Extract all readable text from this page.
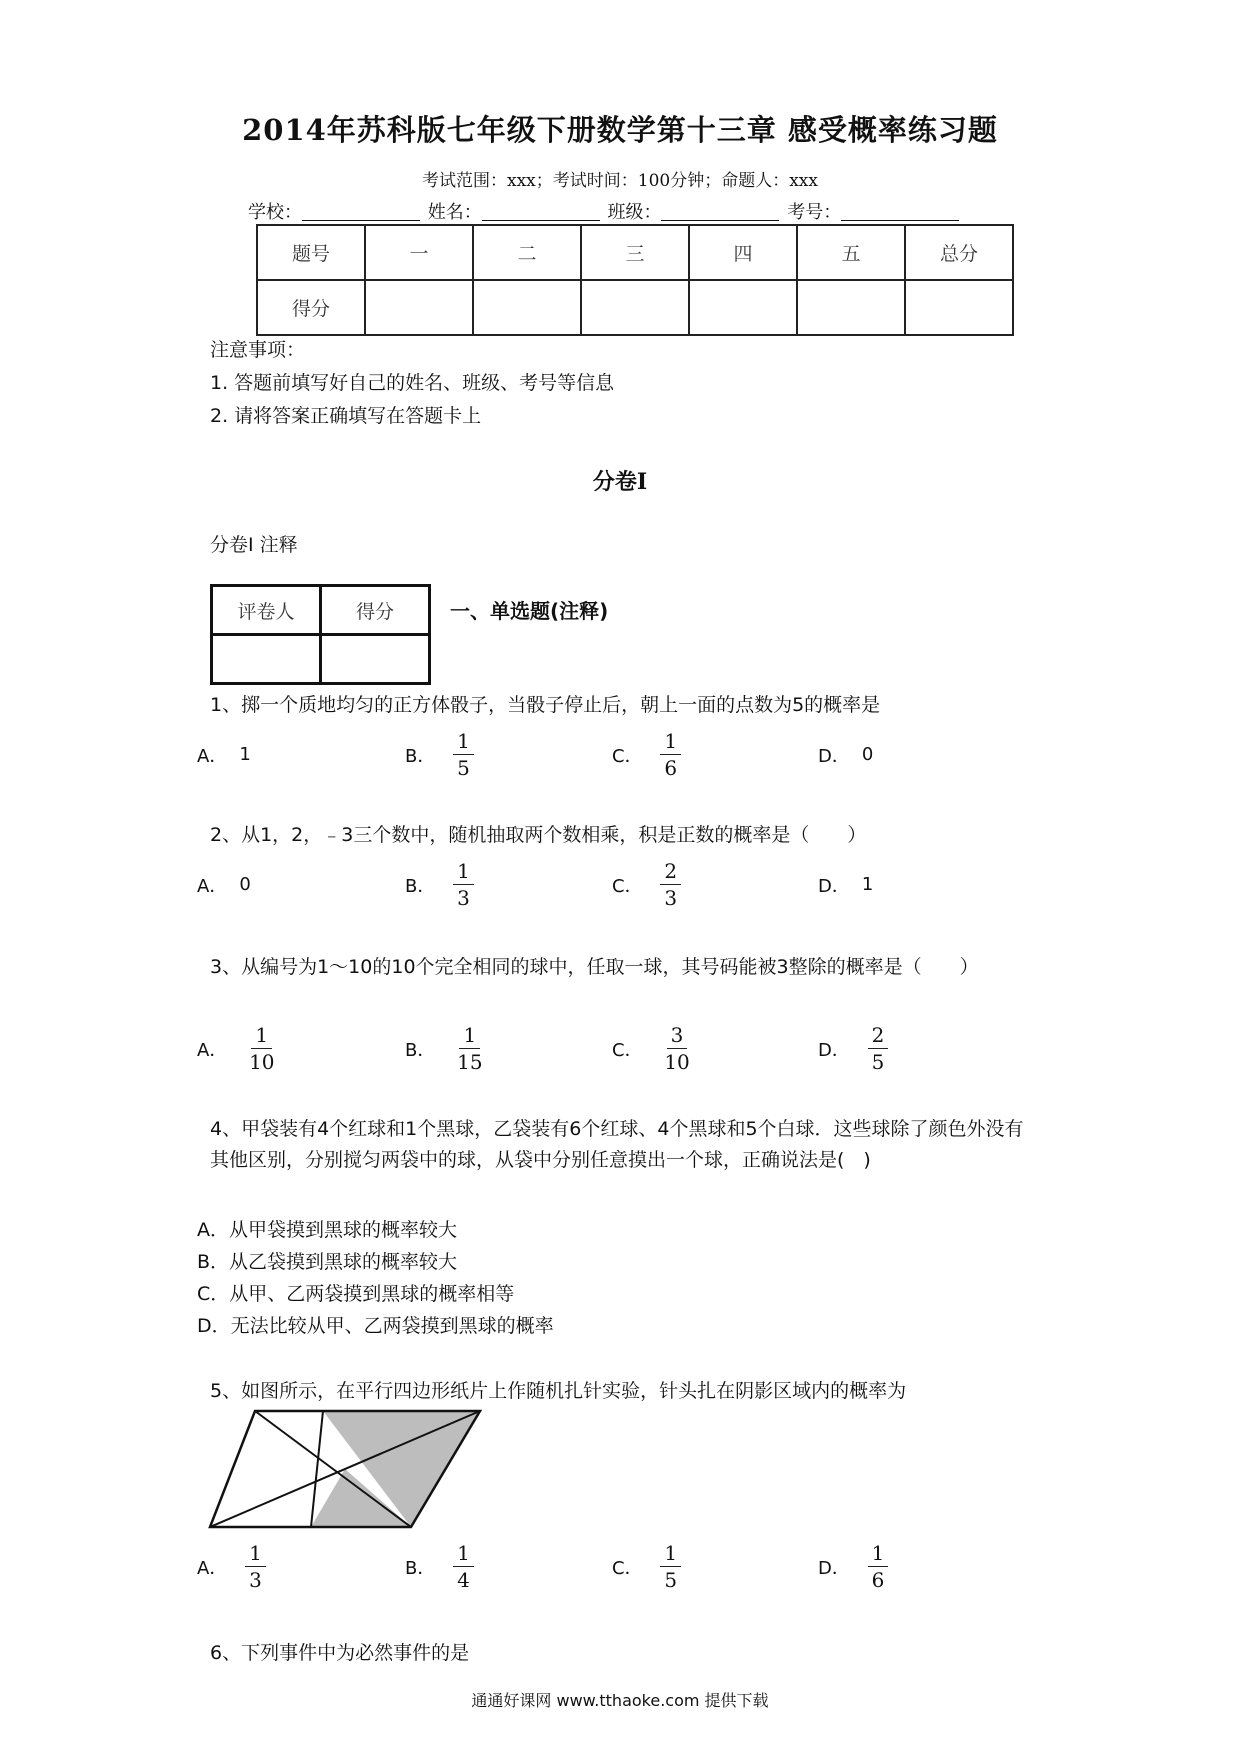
2014年苏科版七年级下册数学第十三章 感受概率练习题
考试范围：xxx；考试时间：100分钟；命题人：xxx
学校：	姓名：	班级：	考号：
题号	一	二	三	四	五	总分
得分						
注意事项：
1. 答题前填写好自己的姓名、班级、考号等信息
2. 请将答案正确填写在答题卡上
分卷I
分卷I 注释
评卷人	得分
		一、单选题(注释)
1、掷一个质地均匀的正方体骰子，当骰子停止后，朝上一面的点数为5的概率是
A． 1	B． $\frac{1}{5}$	C． $\frac{1}{6}$	D． 0
2、从1，2，﹣3三个数中，随机抽取两个数相乘，积是正数的概率是（　　）
A． 0	B． $\frac{1}{3}$	C． $\frac{2}{3}$	D． 1
3、从编号为1～10的10个完全相同的球中，任取一球，其号码能被3整除的概率是（　　）
A． $\frac{1}{10}$	B． $\frac{1}{15}$	C． $\frac{3}{10}$	D． $\frac{2}{5}$
4、甲袋装有4个红球和1个黑球，乙袋装有6个红球、4个黑球和5个白球．这些球除了颜色外没有其他区别，分别搅匀两袋中的球，从袋中分别任意摸出一个球，正确说法是(　)
A．从甲袋摸到黑球的概率较大
B．从乙袋摸到黑球的概率较大
C．从甲、乙两袋摸到黑球的概率相等
D．无法比较从甲、乙两袋摸到黑球的概率
5、如图所示，在平行四边形纸片上作随机扎针实验，针头扎在阴影区域内的概率为
A． $\frac{1}{3}$	B． $\frac{1}{4}$	C． $\frac{1}{5}$	D． $\frac{1}{6}$
6、下列事件中为必然事件的是
通通好课网 www.tthaoke.com 提供下载
